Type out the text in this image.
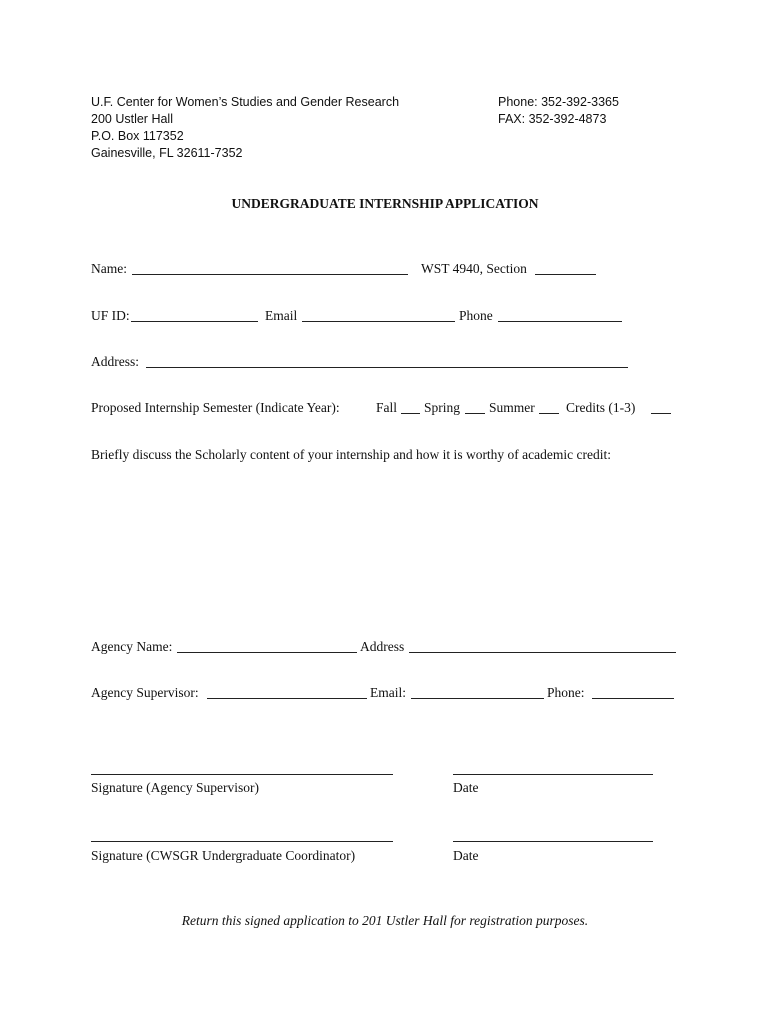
U.F. Center for Women’s Studies and Gender Research
200 Ustler Hall
P.O. Box 117352
Gainesville, FL 32611-7352
Phone: 352-392-3365
FAX: 352-392-4873
UNDERGRADUATE INTERNSHIP APPLICATION
Name:	WST 4940, Section
UF ID:	Email	Phone
Address:
Proposed Internship Semester (Indicate Year):	Fall Spring Summer Credits (1-3)
Briefly discuss the Scholarly content of your internship and how it is worthy of academic credit:
Agency Name:	Address
Agency Supervisor:	Email:	Phone:
Signature (Agency Supervisor)	Date
Signature (CWSGR Undergraduate Coordinator)	Date
Return this signed application to 201 Ustler Hall for registration purposes.
